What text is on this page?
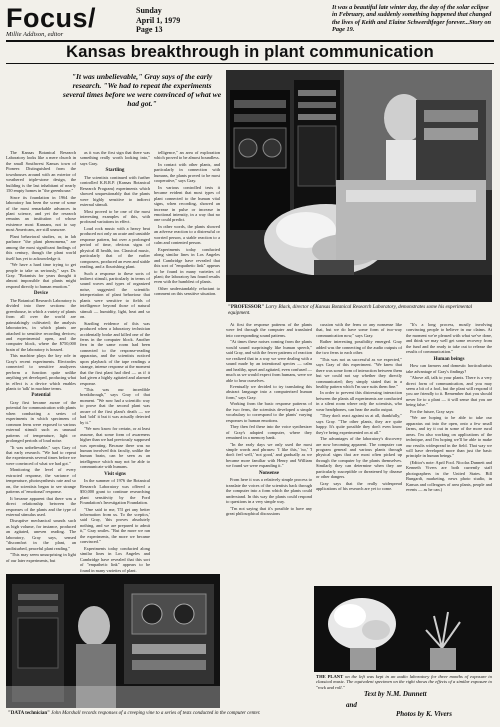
Focus/
Millie Addison, editor
Sunday
April 1, 1979
Page 13
It was a beautiful late winter day, the day of the solar eclipse in February, and suddenly something happened that changed the lives of Keith and Elaine Schwerdtfeger forever...Story on Page 19.
Kansas breakthrough in plant communication
"It was unbelievable," Gray says of the early research. "We had to repeat the experiments several times before we were convinced of what we had got."

The Kansas Botanical Research Laboratory looks like a mere church in the small Southwest Kansas town of Pioneer. Distinguished from the townhouses around with an exterior of weathered triple-stone design, the building is the last inhabitant of nearly 150 empty homes in "the greenhouse."

Since its foundation in 1964 the laboratory has been the scene of some of the most remarkable advances in plant science, and yet the research remains an institution of whose existence most Kansans, not to say most Americans, are still unaware.

Plant behavioral studies, or, in lab parlance "the plant phenomena," are among the most significant findings of this century, though the plant world itself has yet to acknowledge it.

"We have a hard time trying to get people to take us seriously," says Dr. Gray. "Botanists for years thought it almost impossible that plants might respond directly to human emotion."

Device

The Botanical Research Laboratory is divided into three sections: the greenhouse, in which a variety of plants from all over the world are painstakingly cultivated; the analysis laboratories, in which plants are attached to sensitive recording devices; and experimental open, and the computer block, where the $750,000 brain of the laboratory is housed.

This machine plays the key role in Gray's recent experiments. Electrodes connected to sensitive analyzers perform a function quite unlike anything yet developed, producing what in effect is a device which enables plants to 'talk' in machine terms.

Potential

Gray first became aware of the potential for communication with plants when conducting a series of experiments in which specimens of common ferns were exposed to various external stimuli such as unusual patterns of temperature, light or prolonged periods of loud noise.

"It was unbelievable," says Gray of that early research. "We had to repeat the experiments several times before we were convinced of what we had got."

Monitoring the level of every extracted response, the variance of temperature, photosynthesis rate and so on, the scientists began to see strange patterns of 'emotional' response.

It became apparent that there was a direct relationship between the responses of the plants and the type of external stimulus used.

Disruptive mechanical sounds such as high volume, for instance, produced an agitated, uneven reading. The laboratory, Gray says, sensed "discomfort in the plant, an undisturbed, peaceful plant reading."

"This may seem unsurprising in light of our later experiments, but

as it was the first sign that there was something really worth looking into," says Gray.

Startling

The scientists continued with further controlled K.B.R.P. (Kansas Botanical Research Program) experiments which showed unquestionably that the plants were highly sensitive to indirect external stimuli.

Most proved to be one of the most interesting examples of this, with profound variations in effect.

Loud rock music with a heavy beat produced not only an acute and unstable response pattern, but over a prolonged period of time, obvious signs of physical ill health, too. Classical music, particularly that of the earlier composers, produced an even and stable reading, and a flourishing plant.

Such a response to these sorts of indirect stimuli, particularly in terms of sound waves and types of organized noise, suggested the scientific interpretation of plant behaviour that plants were sensitive to fields of intelligence beyond those of natural stimuli — humidity, light, heat and so on.

Startling evidence of this was produced when a laboratory technician accidentally broke and killed one of the ferns in the computer block. Another fern in the same room had been connected to the response-reading apparatus, and the scientists noticed upon playback of the tape readings a strange, intense response at the moment that the first plant had died — as if it had given a highly agitated and alarmed response.

"This was our incredible breakthrough," says Gray of that moment. "We now had a scientific way to prove that the second plant was aware of the first plant's death — we had 'told' it but it was actually detected by it."

"We now know for certain, or at least assume, that some form of awareness higher than we had previously supposed was operating. Because there was no human involved this faculty, unlike the human brain, can be seen as an intelligence which may not be able to communicate with humans.

Visit signs

In the summer of 1976 the Botanical Research Laboratory was offered a $50,000 grant to continue researching plant sensitivity by the Ford Foundation's Investigation Foundation.

"One said to me, 'I'll get any better information from us. To the sceptics,' said Gray, 'this proves absolutely nothing, and we are prepared to admit it,'" Gray smiles. "But the more we ran the experiments, the more we became convinced."

Experiments today conducted along similar lines in Los Angeles and Cambridge have revealed that this sort of "empathetic link" appears to be found in many varieties of plant.

telligence," an area of exploration which proved to be almost boundless.

In contact with other plants, and particularly in connection with humans, the plants proved to be most cooperative," says Gray.

In various controlled tests it became evident that most types of plant connected to the human vital signs, when recording, showed an increase in pulse or increase in emotional intensity, in a way that no one could predict.

In other words, the plants showed an adverse reaction to a distressful or worried person, a stable reaction to a calm and contented person.

Experiments today conducted along similar lines in Los Angeles and Cambridge have revealed that this sort of "empathetic link" appears to be found in many varieties of plant; the laboratory has found results even with the humblest of plants.

Other understandably reluctant to comment on this sensitive situation.

"PROFESSOR" Larry Black, director of Kansas Botanical Research Laboratory, demonstrates some his experimental equipment.

At first the response patterns of the plants were fed through the computer and translated into corresponding sound patterns.

"At times these noises coming from the plants would sound surprisingly like human speech," said Gray, and with the fewer patterns of reaction we realized that in a way we were dealing with a sound made by an intentional species — calm and healthy, upset and agitated, even confused — much as we would expect from humans, were we able to hear ourselves.

Eventually we decided to try translating this abstract language into a computerized human form," says Gray.

Working from the basic response patterns of the two ferns, the scientists developed a simple vocabulary to correspond to the plants' varying responses to human emotions.

They then fed these into the voice synthesizer of Gray's adapted computer, where they remained in a memory bank.

"In the early days we only used the most simple words and phrases: 'I like this,' 'no,' 'I don't feel well,' 'not good,' and gradually as we became more familiar with Henry and William we found we were expanding it."

Nonsense

From here it was a relatively simple process to translate the voices of the scientists back through the computer into a form which the plants could understand. In this way the plants could respond to questions in a very simple way.

"I'm not saying that it's possible to have any great philosophical discussions

cussion with the ferns or any nonsense like that, but we do have some form of two-way communication now," says Gray.

Rather interesting possibility emerged. Gray added was the connecting of the audio outputs of the two ferns to each other.

"This was not as successful as we expected," says Gray of this experiment. "We knew that there was some form of interaction between them but we could not say whether they directly communicated; they simply stated that in a healthy pattern which I'm sure suits them fine."

In order to prevent this distressing interaction between the plants all experiments are conducted in a silent room where only the scientists, who wear headphones, can hear the audio output.

"They don't react against us at all, thankfully," says Gray. "The other plants, they are quite happy. It's quite possible they don't even know they're being experimented on at all."

The advantages of the laboratory's discovery are now becoming apparent. The computer can program general and various plants through physical signs that are most often picked up through the computer by the plants themselves. Similarly they can determine when they are particularly susceptible or threatened by disease or other dangers.

Gray says that the really widespread applications of his research are yet to come.

"It's a long process, mostly involving convincing people to believe in our claims. At the moment we're pleased with what we've done, and think we may well get some recovery from the fund and the ready to take out to release the results of communication."

Human beings

How can farmers and domestic horticulturists take advantage of Gray's findings?

"Above all, talk to your plants. There is a very direct form of communication, and you may seem a bit of a fool, but the plant will respond if you are friendly to it. Remember that you should never lie to a plant — it will sense that you are being false."

For the future, Gray says:

"We are hoping to be able to take our apparatus out into the open, onto a few small farms, and try it out in some of the more rural areas. I'm also working on applications of the technique, and I'm hoping we'll be able to make our results widespread in the field. That way we will have developed more than just the basic principle in human beings."

(Editor's note: April Fool. Nicolas Dunnett and Kenneth Vivers are both currently staff photographers in the United States. Bill Bungardt, marketing, news photo studio, in Kansas and colleagues of area plants, people and events — as he can.)

"DATA technician" John Marshall records responses of a creeping vine to a series of tests conducted in the computer center.
THE PLANT on the left was kept in an audio laboratory for three months of exposure to classical music. The equivalent specimen on the right shows the effects of a similar exposure to "rock and roll."
Text by N.M. Dunnett
and
Photos by K. Vivers
